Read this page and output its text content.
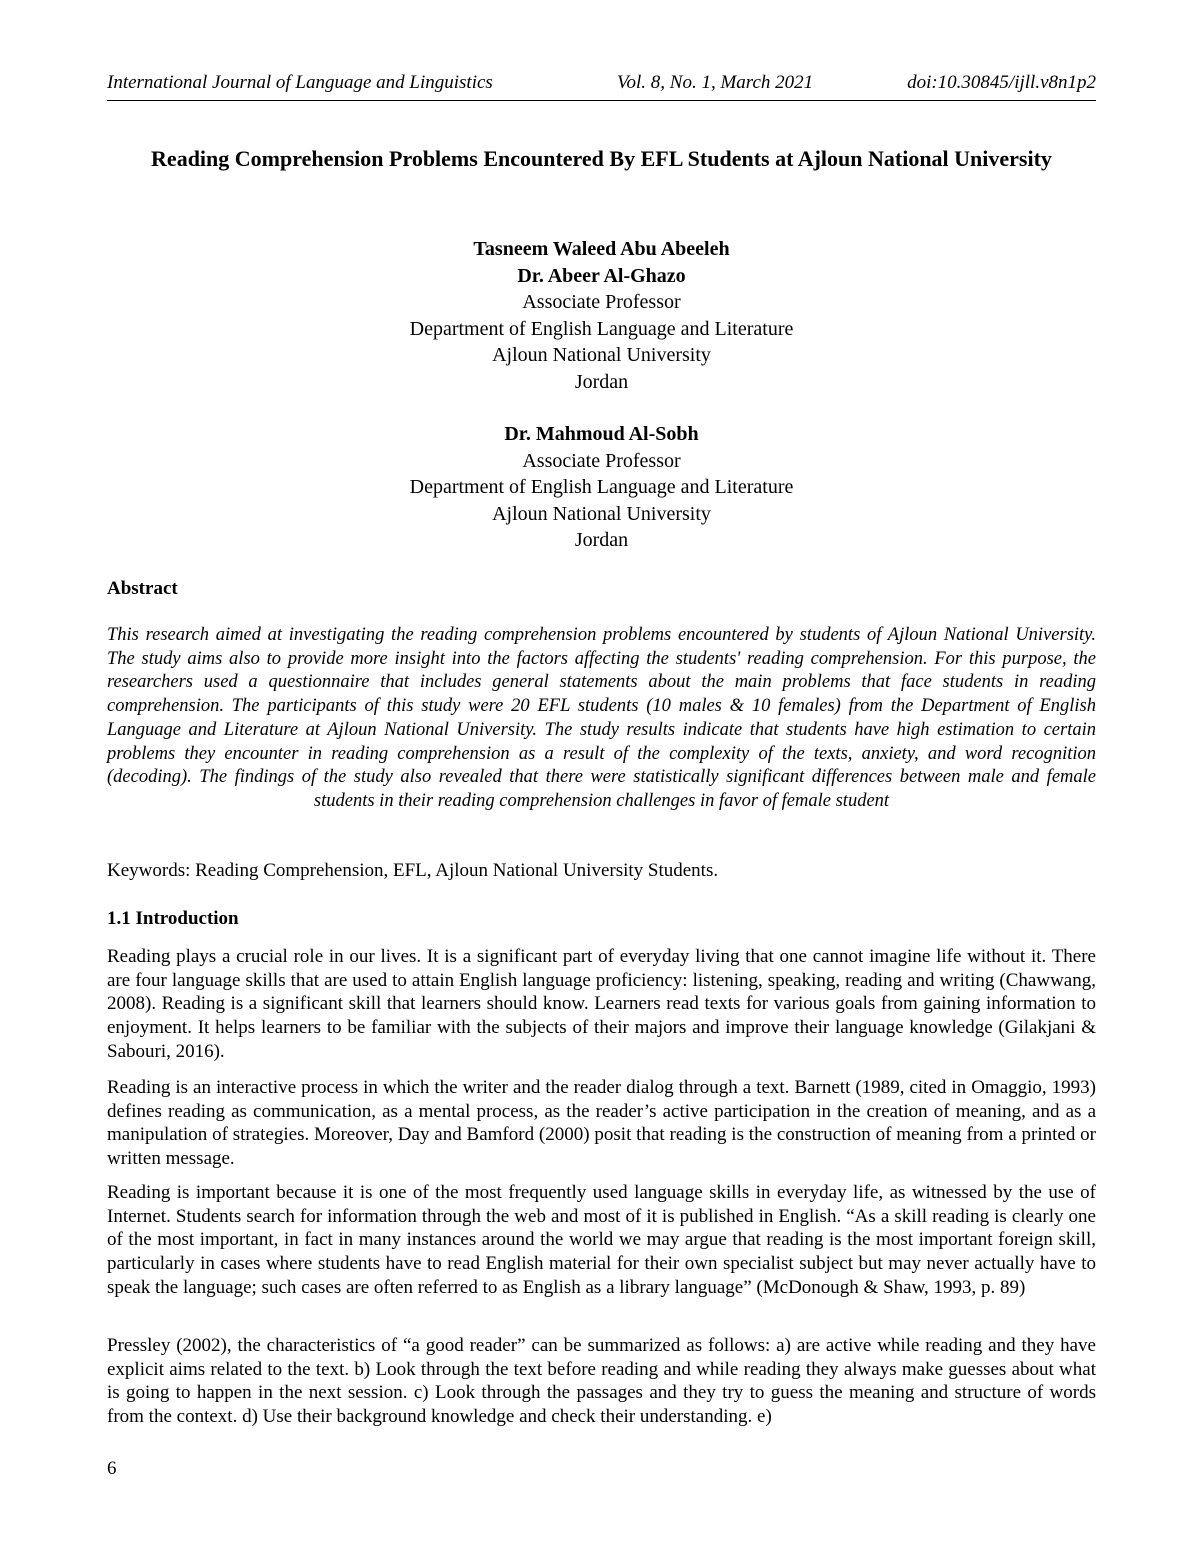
International Journal of Language and Linguistics	Vol. 8, No. 1, March 2021	doi:10.30845/ijll.v8n1p2
Reading Comprehension Problems Encountered By EFL Students at Ajloun National University
Tasneem Waleed Abu Abeeleh
Dr. Abeer Al-Ghazo
Associate Professor
Department of English Language and Literature
Ajloun National University
Jordan
Dr. Mahmoud Al-Sobh
Associate Professor
Department of English Language and Literature
Ajloun National University
Jordan
Abstract
This research aimed at investigating the reading comprehension problems encountered by students of Ajloun National University. The study aims also to provide more insight into the factors affecting the students' reading comprehension. For this purpose, the researchers used a questionnaire that includes general statements about the main problems that face students in reading comprehension. The participants of this study were 20 EFL students (10 males & 10 females) from the Department of English Language and Literature at Ajloun National University. The study results indicate that students have high estimation to certain problems they encounter in reading comprehension as a result of the complexity of the texts, anxiety, and word recognition (decoding). The findings of the study also revealed that there were statistically significant differences between male and female students in their reading comprehension challenges in favor of female student
Keywords: Reading Comprehension, EFL, Ajloun National University Students.
1.1 Introduction
Reading plays a crucial role in our lives. It is a significant part of everyday living that one cannot imagine life without it. There are four language skills that are used to attain English language proficiency: listening, speaking, reading and writing (Chawwang, 2008). Reading is a significant skill that learners should know. Learners read texts for various goals from gaining information to enjoyment. It helps learners to be familiar with the subjects of their majors and improve their language knowledge (Gilakjani & Sabouri, 2016).
Reading is an interactive process in which the writer and the reader dialog through a text. Barnett (1989, cited in Omaggio, 1993) defines reading as communication, as a mental process, as the reader’s active participation in the creation of meaning, and as a manipulation of strategies. Moreover, Day and Bamford (2000) posit that reading is the construction of meaning from a printed or written message.
Reading is important because it is one of the most frequently used language skills in everyday life, as witnessed by the use of Internet. Students search for information through the web and most of it is published in English. “As a skill reading is clearly one of the most important, in fact in many instances around the world we may argue that reading is the most important foreign skill, particularly in cases where students have to read English material for their own specialist subject but may never actually have to speak the language; such cases are often referred to as English as a library language” (McDonough & Shaw, 1993, p. 89)
Pressley (2002), the characteristics of “a good reader” can be summarized as follows: a) are active while reading and they have explicit aims related to the text. b) Look through the text before reading and while reading they always make guesses about what is going to happen in the next session. c) Look through the passages and they try to guess the meaning and structure of words from the context. d) Use their background knowledge and check their understanding. e)
6
